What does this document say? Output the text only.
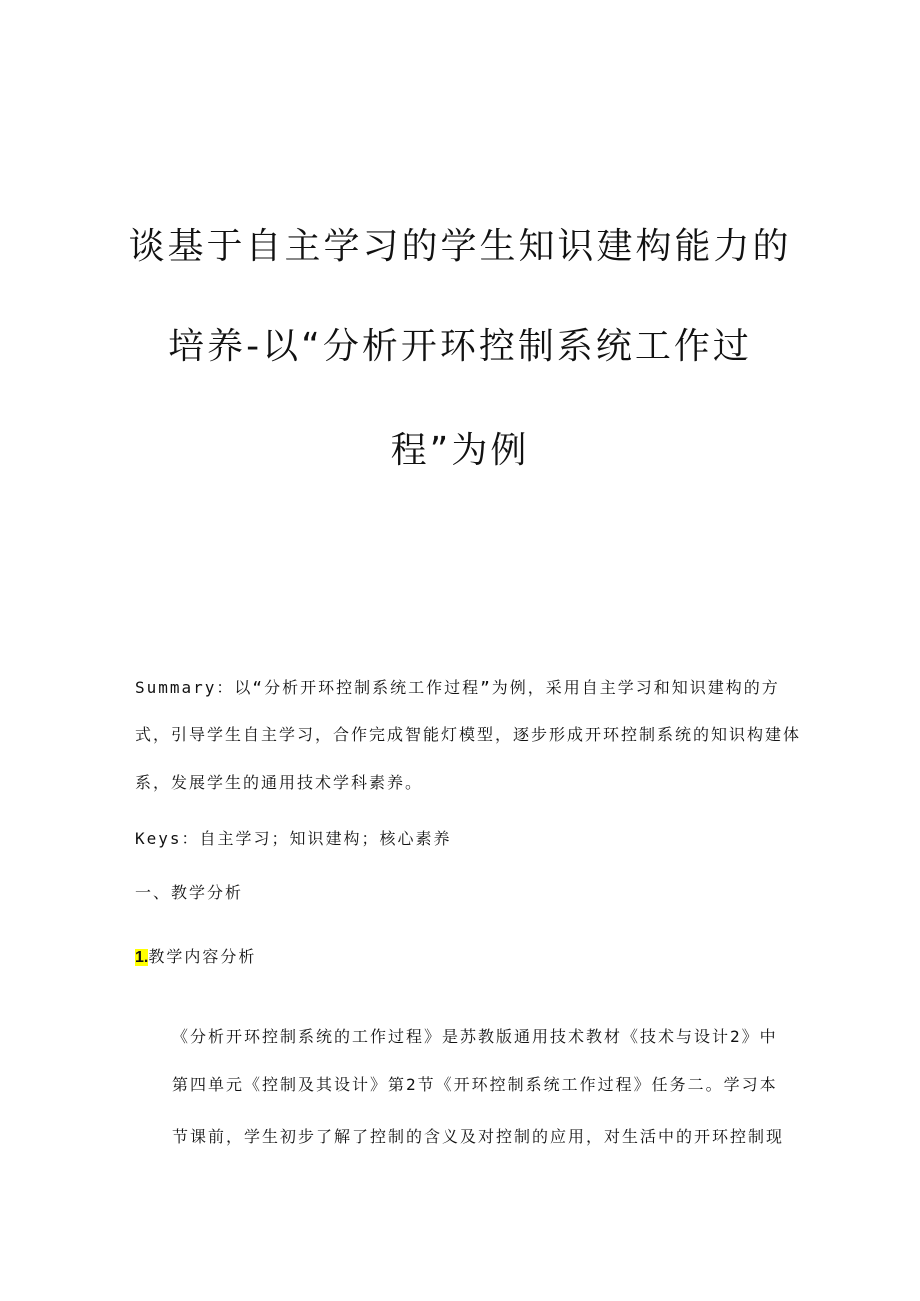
谈基于自主学习的学生知识建构能力的
培养-以“分析开环控制系统工作过
程”为例
Summary：以“分析开环控制系统工作过程”为例，采用自主学习和知识建构的方
式，引导学生自主学习，合作完成智能灯模型，逐步形成开环控制系统的知识构建体
系，发展学生的通用技术学科素养。
Keys：自主学习；知识建构；核心素养
一、教学分析
1.教学内容分析
《分析开环控制系统的工作过程》是苏教版通用技术教材《技术与设计2》中
第四单元《控制及其设计》第2节《开环控制系统工作过程》任务二。学习本
节课前，学生初步了解了控制的含义及对控制的应用，对生活中的开环控制现
